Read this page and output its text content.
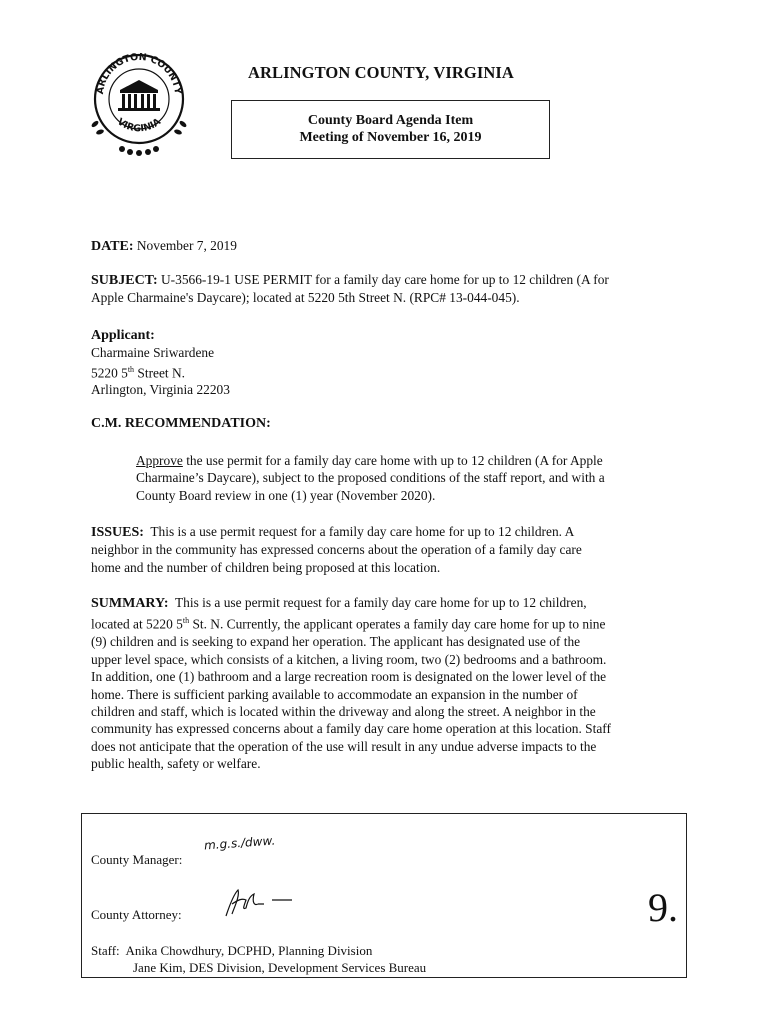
ARLINGTON COUNTY
VIRGINIA
ARLINGTON COUNTY, VIRGINIA
County Board Agenda Item
Meeting of November 16, 2019
DATE: November 7, 2019
SUBJECT: U-3566-19-1 USE PERMIT for a family day care home for up to 12 children (A for
Apple Charmaine's Daycare); located at 5220 5th Street N. (RPC# 13-044-045).
Applicant:
Charmaine Sriwardene
5220 5th Street N.
Arlington, Virginia 22203
C.M. RECOMMENDATION:
Approve the use permit for a family day care home with up to 12 children (A for Apple
Charmaine’s Daycare), subject to the proposed conditions of the staff report, and with a
County Board review in one (1) year (November 2020).
ISSUES:  This is a use permit request for a family day care home for up to 12 children. A
neighbor in the community has expressed concerns about the operation of a family day care
home and the number of children being proposed at this location.
SUMMARY:  This is a use permit request for a family day care home for up to 12 children,
located at 5220 5th St. N. Currently, the applicant operates a family day care home for up to nine
(9) children and is seeking to expand her operation. The applicant has designated use of the
upper level space, which consists of a kitchen, a living room, two (2) bedrooms and a bathroom.
In addition, one (1) bathroom and a large recreation room is designated on the lower level of the
home. There is sufficient parking available to accommodate an expansion in the number of
children and staff, which is located within the driveway and along the street. A neighbor in the
community has expressed concerns about a family day care home operation at this location. Staff
does not anticipate that the operation of the use will result in any undue adverse impacts to the
public health, safety or welfare.
County Manager:
m.g.s./dww.
County Attorney:	9.
Staff: Anika Chowdhury, DCPHD, Planning Division
Jane Kim, DES Division, Development Services Bureau
